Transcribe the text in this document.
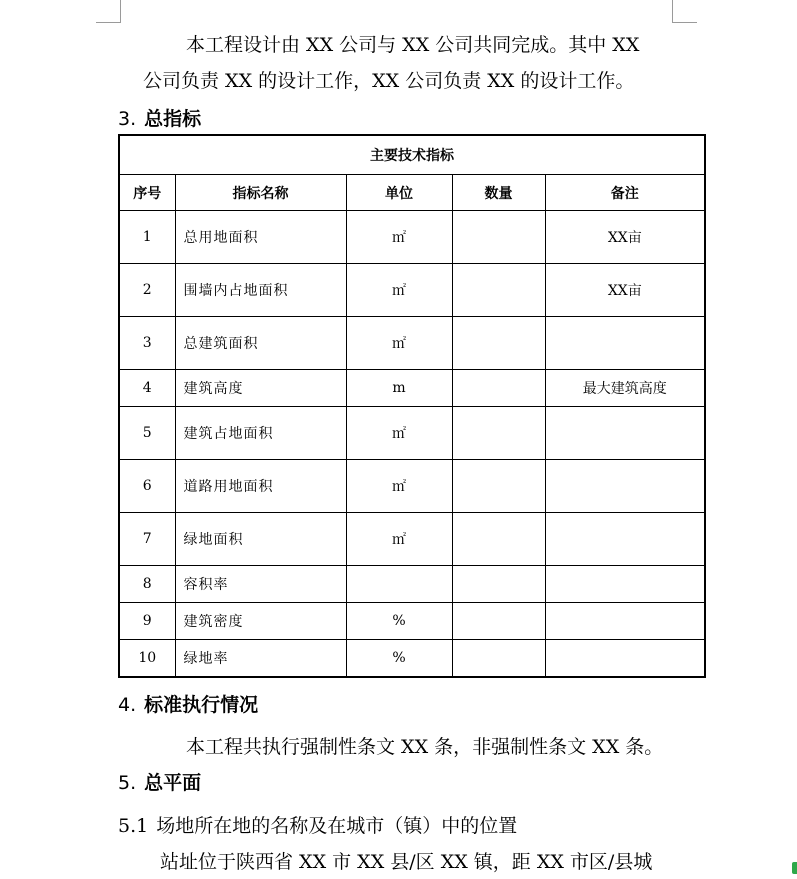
本工程设计由 XX 公司与 XX 公司共同完成。其中 XX

公司负责 XX 的设计工作，XX 公司负责 XX 的设计工作。

3. 总指标
主要技术指标				
序号	指标名称	单位	数量	备注
1	总用地面积	㎡		XX亩
2	围墙内占地面积	㎡		XX亩
3	总建筑面积	㎡		
4	建筑高度	m		最大建筑高度
5	建筑占地面积	㎡		
6	道路用地面积	㎡		
7	绿地面积	㎡		
8	容积率			
9	建筑密度	%		
10	绿地率	%		
4. 标准执行情况

本工程共执行强制性条文 XX 条，非强制性条文 XX 条。

5. 总平面
5.1 场地所在地的名称及在城市（镇）中的位置

站址位于陕西省 XX 市 XX 县/区 XX 镇，距 XX 市区/县城
